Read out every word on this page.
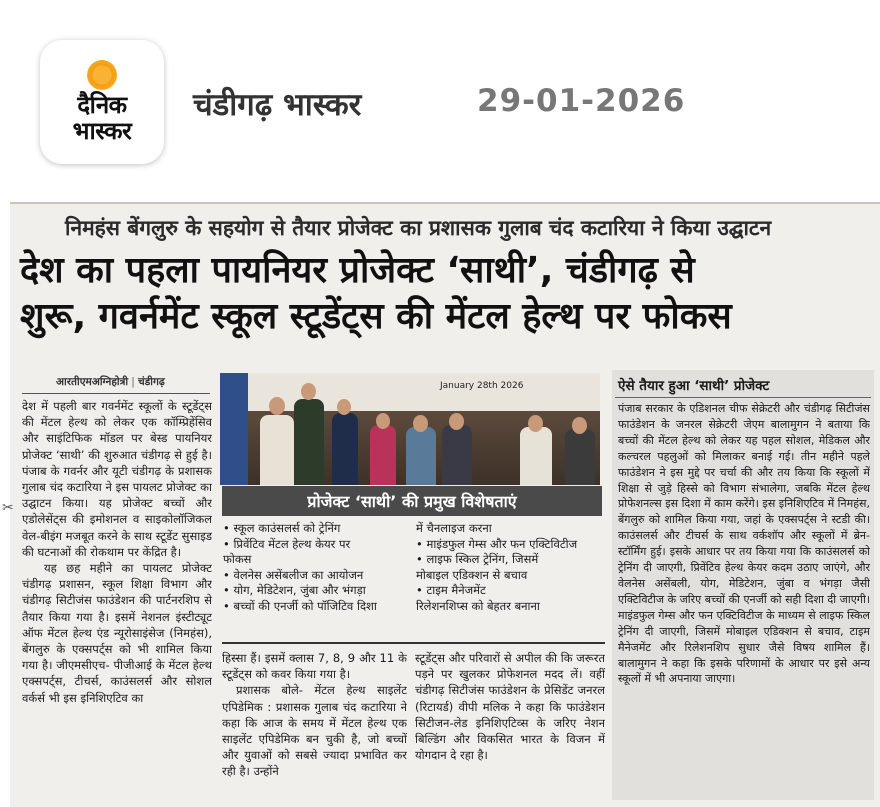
दैनिक
भास्कर
चंडीगढ़ भास्कर	29-01-2026
निमहंस बेंगलुरु के सहयोग से तैयार प्रोजेक्ट का प्रशासक गुलाब चंद कटारिया ने किया उद्घाटन
देश का पहला पायनियर प्रोजेक्ट ‘साथी’, चंडीगढ़ से
शुरू, गवर्नमेंट स्कूल स्टूडेंट्स की मेंटल हेल्थ पर फोकस
आरतीएमअग्निहोत्री | चंडीगढ़
✂

देश में पहली बार गवर्नमेंट स्कूलों के स्टूडेंट्स की मेंटल हेल्थ को लेकर एक कॉम्प्रिहेंसिव और साइंटिफिक मॉडल पर बेस्ड पायनियर प्रोजेक्ट ‘साथी’ की शुरुआत चंडीगढ़ से हुई है। पंजाब के गवर्नर और यूटी चंडीगढ़ के प्रशासक गुलाब चंद कटारिया ने इस पायलट प्रोजेक्ट का उद्घाटन किया। यह प्रोजेक्ट बच्चों और एडोलेसेंट्स की इमोशनल व साइकोलॉजिकल वेल-बीइंग मजबूत करने के साथ स्टूडेंट सुसाइड की घटनाओं की रोकथाम पर केंद्रित है।

यह छह महीने का पायलट प्रोजेक्ट चंडीगढ़ प्रशासन, स्कूल शिक्षा विभाग और चंडीगढ़ सिटीजंस फाउंडेशन की पार्टनरशिप से तैयार किया गया है। इसमें नेशनल इंस्टीट्यूट ऑफ मेंटल हेल्थ एंड न्यूरोसाइंसेज (निमहंस), बेंगलुरु के एक्सपर्ट्स को भी शामिल किया गया है। जीएमसीएच- पीजीआई के मेंटल हेल्थ एक्सपर्ट्स, टीचर्स, काउंसलर्स और सोशल वर्कर्स भी इस इनिशिएटिव का

January 28th 2026
प्रोजेक्ट ‘साथी’ की प्रमुख विशेषताएं
• स्कूल काउंसलर्स को ट्रेनिंग
• प्रिवेंटिव मेंटल हेल्थ केयर पर
फोकस
• वेलनेस असेंबलीज का आयोजन
• योग, मेडिटेशन, जुंबा और भंगड़ा
• बच्चों की एनर्जी को पॉजिटिव दिशा
में चैनलाइज करना
• माइंडफुल गेम्स और फन एक्टिविटीज
• लाइफ स्किल ट्रेनिंग, जिसमें
मोबाइल एडिक्शन से बचाव
• टाइम मैनेजमेंट
रिलेशनशिप्स को बेहतर बनाना

हिस्सा हैं। इसमें क्लास 7, 8, 9 और 11 के स्टूडेंट्स को कवर किया गया है।

प्रशासक बोले- मेंटल हेल्थ साइलेंट एपिडेमिक : प्रशासक गुलाब चंद कटारिया ने कहा कि आज के समय में मेंटल हेल्थ एक साइलेंट एपिडेमिक बन चुकी है, जो बच्चों और युवाओं को सबसे ज्यादा प्रभावित कर रही है। उन्होंने

स्टूडेंट्स और परिवारों से अपील की कि जरूरत पड़ने पर खुलकर प्रोफेशनल मदद लें। वहीं चंडीगढ़ सिटीजंस फाउंडेशन के प्रेसिडेंट जनरल (रिटायर्ड) वीपी मलिक ने कहा कि फाउंडेशन सिटीजन-लेड इनिशिएटिव्स के जरिए नेशन बिल्डिंग और विकसित भारत के विजन में योगदान दे रहा है।

ऐसे तैयार हुआ ‘साथी’ प्रोजेक्ट
पंजाब सरकार के एडिशनल चीफ सेक्रेटरी और चंडीगढ़ सिटीजंस फाउंडेशन के जनरल सेक्रेटरी जेएम बालामुगन ने बताया कि बच्चों की मेंटल हेल्थ को लेकर यह पहल सोशल, मेडिकल और कल्चरल पहलुओं को मिलाकर बनाई गई। तीन महीने पहले फाउंडेशन ने इस मुद्दे पर चर्चा की और तय किया कि स्कूलों में शिक्षा से जुड़े हिस्से को विभाग संभालेगा, जबकि मेंटल हेल्थ प्रोफेशनल्स इस दिशा में काम करेंगे। इस इनिशिएटिव में निमहंस, बेंगलुरु को शामिल किया गया, जहां के एक्सपर्ट्स ने स्टडी की। काउंसलर्स और टीचर्स के साथ वर्कशॉप और स्कूलों में ब्रेन-स्टॉर्मिंग हुई। इसके आधार पर तय किया गया कि काउंसलर्स को ट्रेनिंग दी जाएगी, प्रिवेंटिव हेल्थ केयर कदम उठाए जाएंगे, और वेलनेस असेंबली, योग, मेडिटेशन, जुंबा व भंगड़ा जैसी एक्टिविटीज के जरिए बच्चों की एनर्जी को सही दिशा दी जाएगी। माइंडफुल गेम्स और फन एक्टिविटीज के माध्यम से लाइफ स्किल ट्रेनिंग दी जाएगी, जिसमें मोबाइल एडिक्शन से बचाव, टाइम मैनेजमेंट और रिलेशनशिप सुधार जैसे विषय शामिल हैं। बालामुगन ने कहा कि इसके परिणामों के आधार पर इसे अन्य स्कूलों में भी अपनाया जाएगा।
